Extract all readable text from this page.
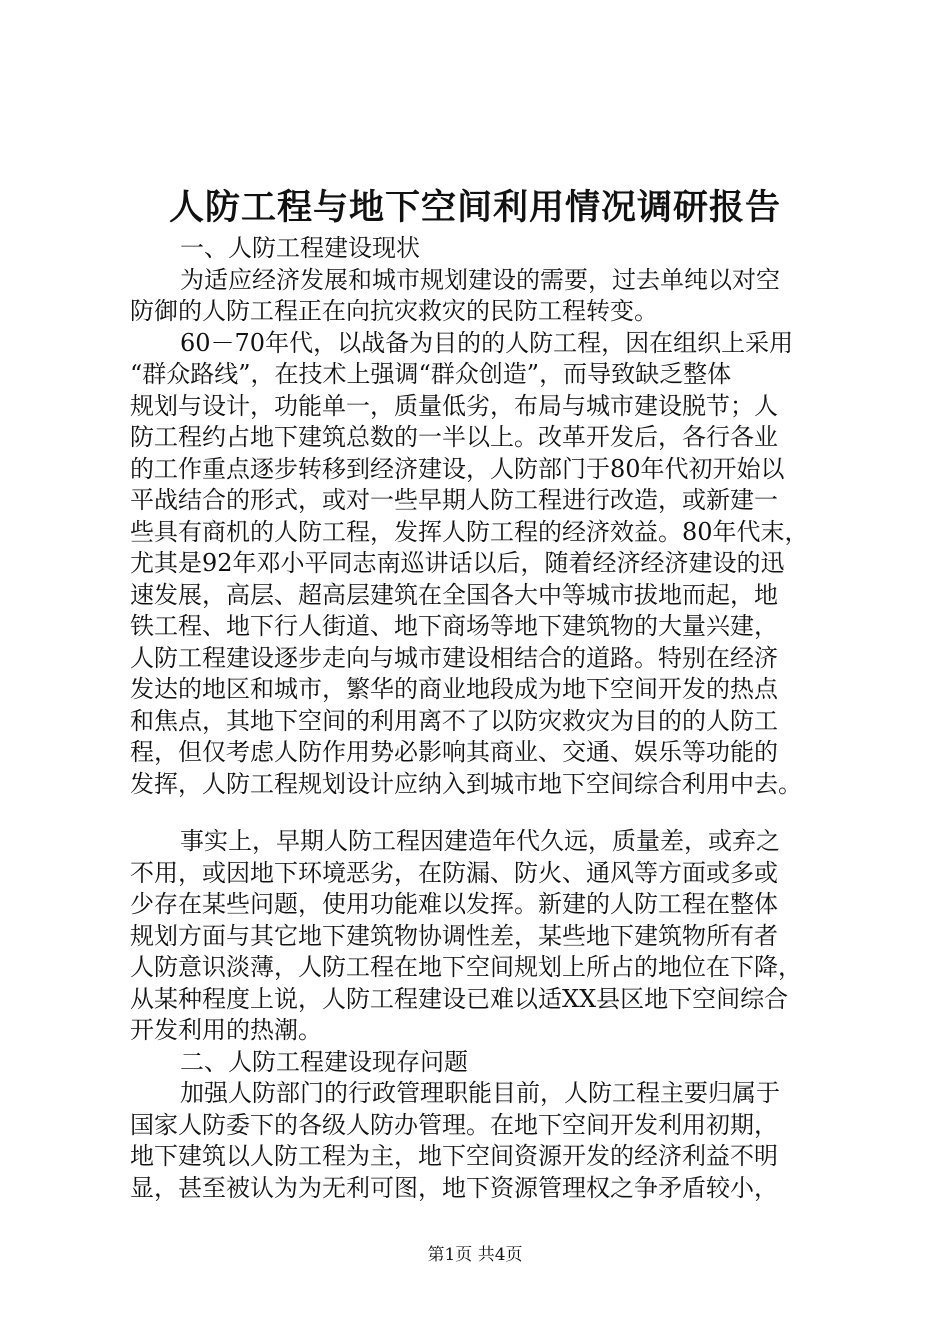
人防工程与地下空间利用情况调研报告
一、人防工程建设现状
为适应经济发展和城市规划建设的需要，过去单纯以对空
防御的人防工程正在向抗灾救灾的民防工程转变。
60－70年代，以战备为目的的人防工程，因在组织上采用
“群众路线”，在技术上强调“群众创造”，而导致缺乏整体
规划与设计，功能单一，质量低劣，布局与城市建设脱节；人
防工程约占地下建筑总数的一半以上。改革开发后，各行各业
的工作重点逐步转移到经济建设，人防部门于80年代初开始以
平战结合的形式，或对一些早期人防工程进行改造，或新建一
些具有商机的人防工程，发挥人防工程的经济效益。80年代末，
尤其是92年邓小平同志南巡讲话以后，随着经济经济建设的迅
速发展，高层、超高层建筑在全国各大中等城市拔地而起，地
铁工程、地下行人街道、地下商场等地下建筑物的大量兴建，
人防工程建设逐步走向与城市建设相结合的道路。特别在经济
发达的地区和城市，繁华的商业地段成为地下空间开发的热点
和焦点，其地下空间的利用离不了以防灾救灾为目的的人防工
程，但仅考虑人防作用势必影响其商业、交通、娱乐等功能的
发挥，人防工程规划设计应纳入到城市地下空间综合利用中去。
事实上，早期人防工程因建造年代久远，质量差，或弃之
不用，或因地下环境恶劣，在防漏、防火、通风等方面或多或
少存在某些问题，使用功能难以发挥。新建的人防工程在整体
规划方面与其它地下建筑物协调性差，某些地下建筑物所有者
人防意识淡薄，人防工程在地下空间规划上所占的地位在下降，
从某种程度上说，人防工程建设已难以适XX县区地下空间综合
开发利用的热潮。
二、人防工程建设现存问题
加强人防部门的行政管理职能目前，人防工程主要归属于
国家人防委下的各级人防办管理。在地下空间开发利用初期，
地下建筑以人防工程为主，地下空间资源开发的经济利益不明
显，甚至被认为为无利可图，地下资源管理权之争矛盾较小，
第1页 共4页
